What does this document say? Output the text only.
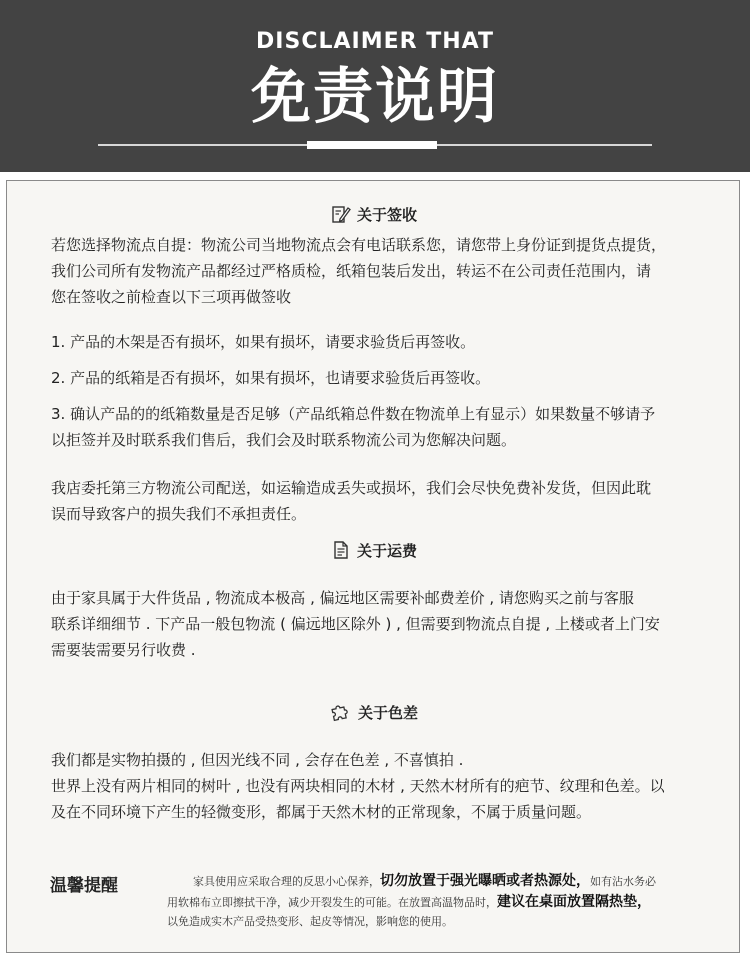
DISCLAIMER THAT
免责说明
关于签收
若您选择物流点自提：物流公司当地物流点会有电话联系您，请您带上身份证到提货点提货，
我们公司所有发物流产品都经过严格质检，纸箱包装后发出，转运不在公司责任范围内，请
您在签收之前检查以下三项再做签收
1. 产品的木架是否有损坏，如果有损坏，请要求验货后再签收。
2. 产品的纸箱是否有损坏，如果有损坏，也请要求验货后再签收。
3. 确认产品的的纸箱数量是否足够（产品纸箱总件数在物流单上有显示）如果数量不够请予
以拒签并及时联系我们售后，我们会及时联系物流公司为您解决问题。
我店委托第三方物流公司配送，如运输造成丢失或损坏，我们会尽快免费补发货，但因此耽
误而导致客户的损失我们不承担责任。
关于运费
由于家具属于大件货品 , 物流成本极高 , 偏远地区需要补邮费差价 , 请您购买之前与客服
联系详细细节 . 下产品一般包物流 ( 偏远地区除外 ) , 但需要到物流点自提 , 上楼或者上门安
需要装需要另行收费 .
关于色差
我们都是实物拍摄的 , 但因光线不同 , 会存在色差 , 不喜慎拍 .
世界上没有两片相同的树叶 , 也没有两块相同的木材 , 天然木材所有的疤节、纹理和色差。以
及在不同环境下产生的轻微变形，都属于天然木材的正常现象，不属于质量问题。
温馨提醒	家具使用应采取合理的反思小心保养，切勿放置于强光曝晒或者热源处，如有沾水务必
用软棉布立即擦拭干净，减少开裂发生的可能。在放置高温物品时，建议在桌面放置隔热垫，
以免造成实木产品受热变形、起皮等情况，影响您的使用。
